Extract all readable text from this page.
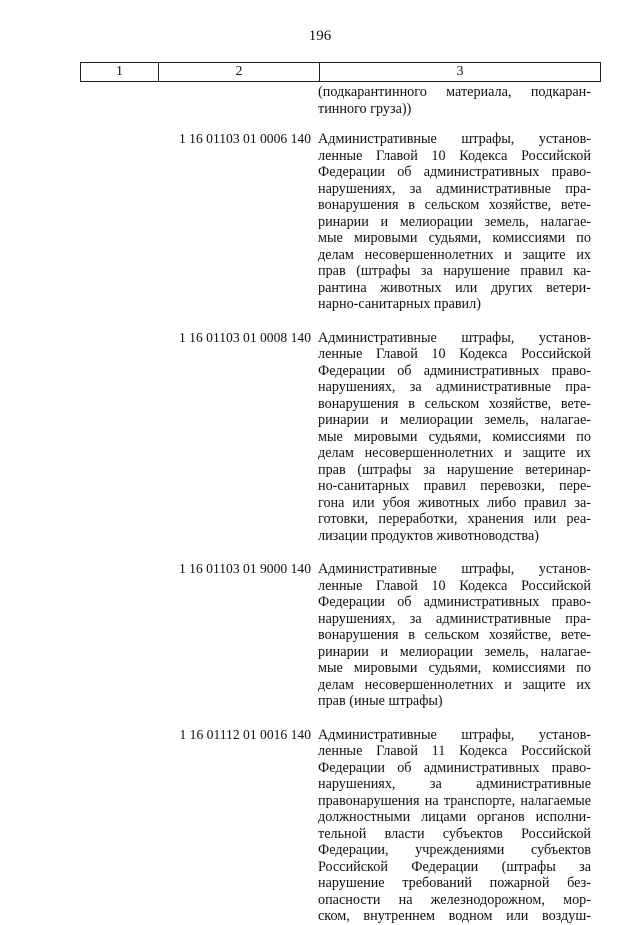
196
1	2	3
(подкарантинного материала, подкаран-
тинного груза))
1 16 01103 01 0006 140 Административные штрафы, установ-
ленные Главой 10 Кодекса Российской
Федерации об административных право-
нарушениях, за административные пра-
вонарушения в сельском хозяйстве, вете-
ринарии и мелиорации земель, налагае-
мые мировыми судьями, комиссиями по
делам несовершеннолетних и защите их
прав (штрафы за нарушение правил ка-
рантина животных или других ветери-
нарно-санитарных правил)
1 16 01103 01 0008 140 Административные штрафы, установ-
ленные Главой 10 Кодекса Российской
Федерации об административных право-
нарушениях, за административные пра-
вонарушения в сельском хозяйстве, вете-
ринарии и мелиорации земель, налагае-
мые мировыми судьями, комиссиями по
делам несовершеннолетних и защите их
прав (штрафы за нарушение ветеринар-
но-санитарных правил перевозки, пере-
гона или убоя животных либо правил за-
готовки, переработки, хранения или реа-
лизации продуктов животноводства)
1 16 01103 01 9000 140 Административные штрафы, установ-
ленные Главой 10 Кодекса Российской
Федерации об административных право-
нарушениях, за административные пра-
вонарушения в сельском хозяйстве, вете-
ринарии и мелиорации земель, налагае-
мые мировыми судьями, комиссиями по
делам несовершеннолетних и защите их
прав (иные штрафы)
1 16 01112 01 0016 140 Административные штрафы, установ-
ленные Главой 11 Кодекса Российской
Федерации об административных право-
нарушениях, за административные
правонарушения на транспорте, налагаемые
должностными лицами органов исполни-
тельной власти субъектов Российской
Федерации, учреждениями субъектов
Российской Федерации (штрафы за
нарушение требований пожарной без-
опасности на железнодорожном, мор-
ском, внутреннем водном или воздуш-
